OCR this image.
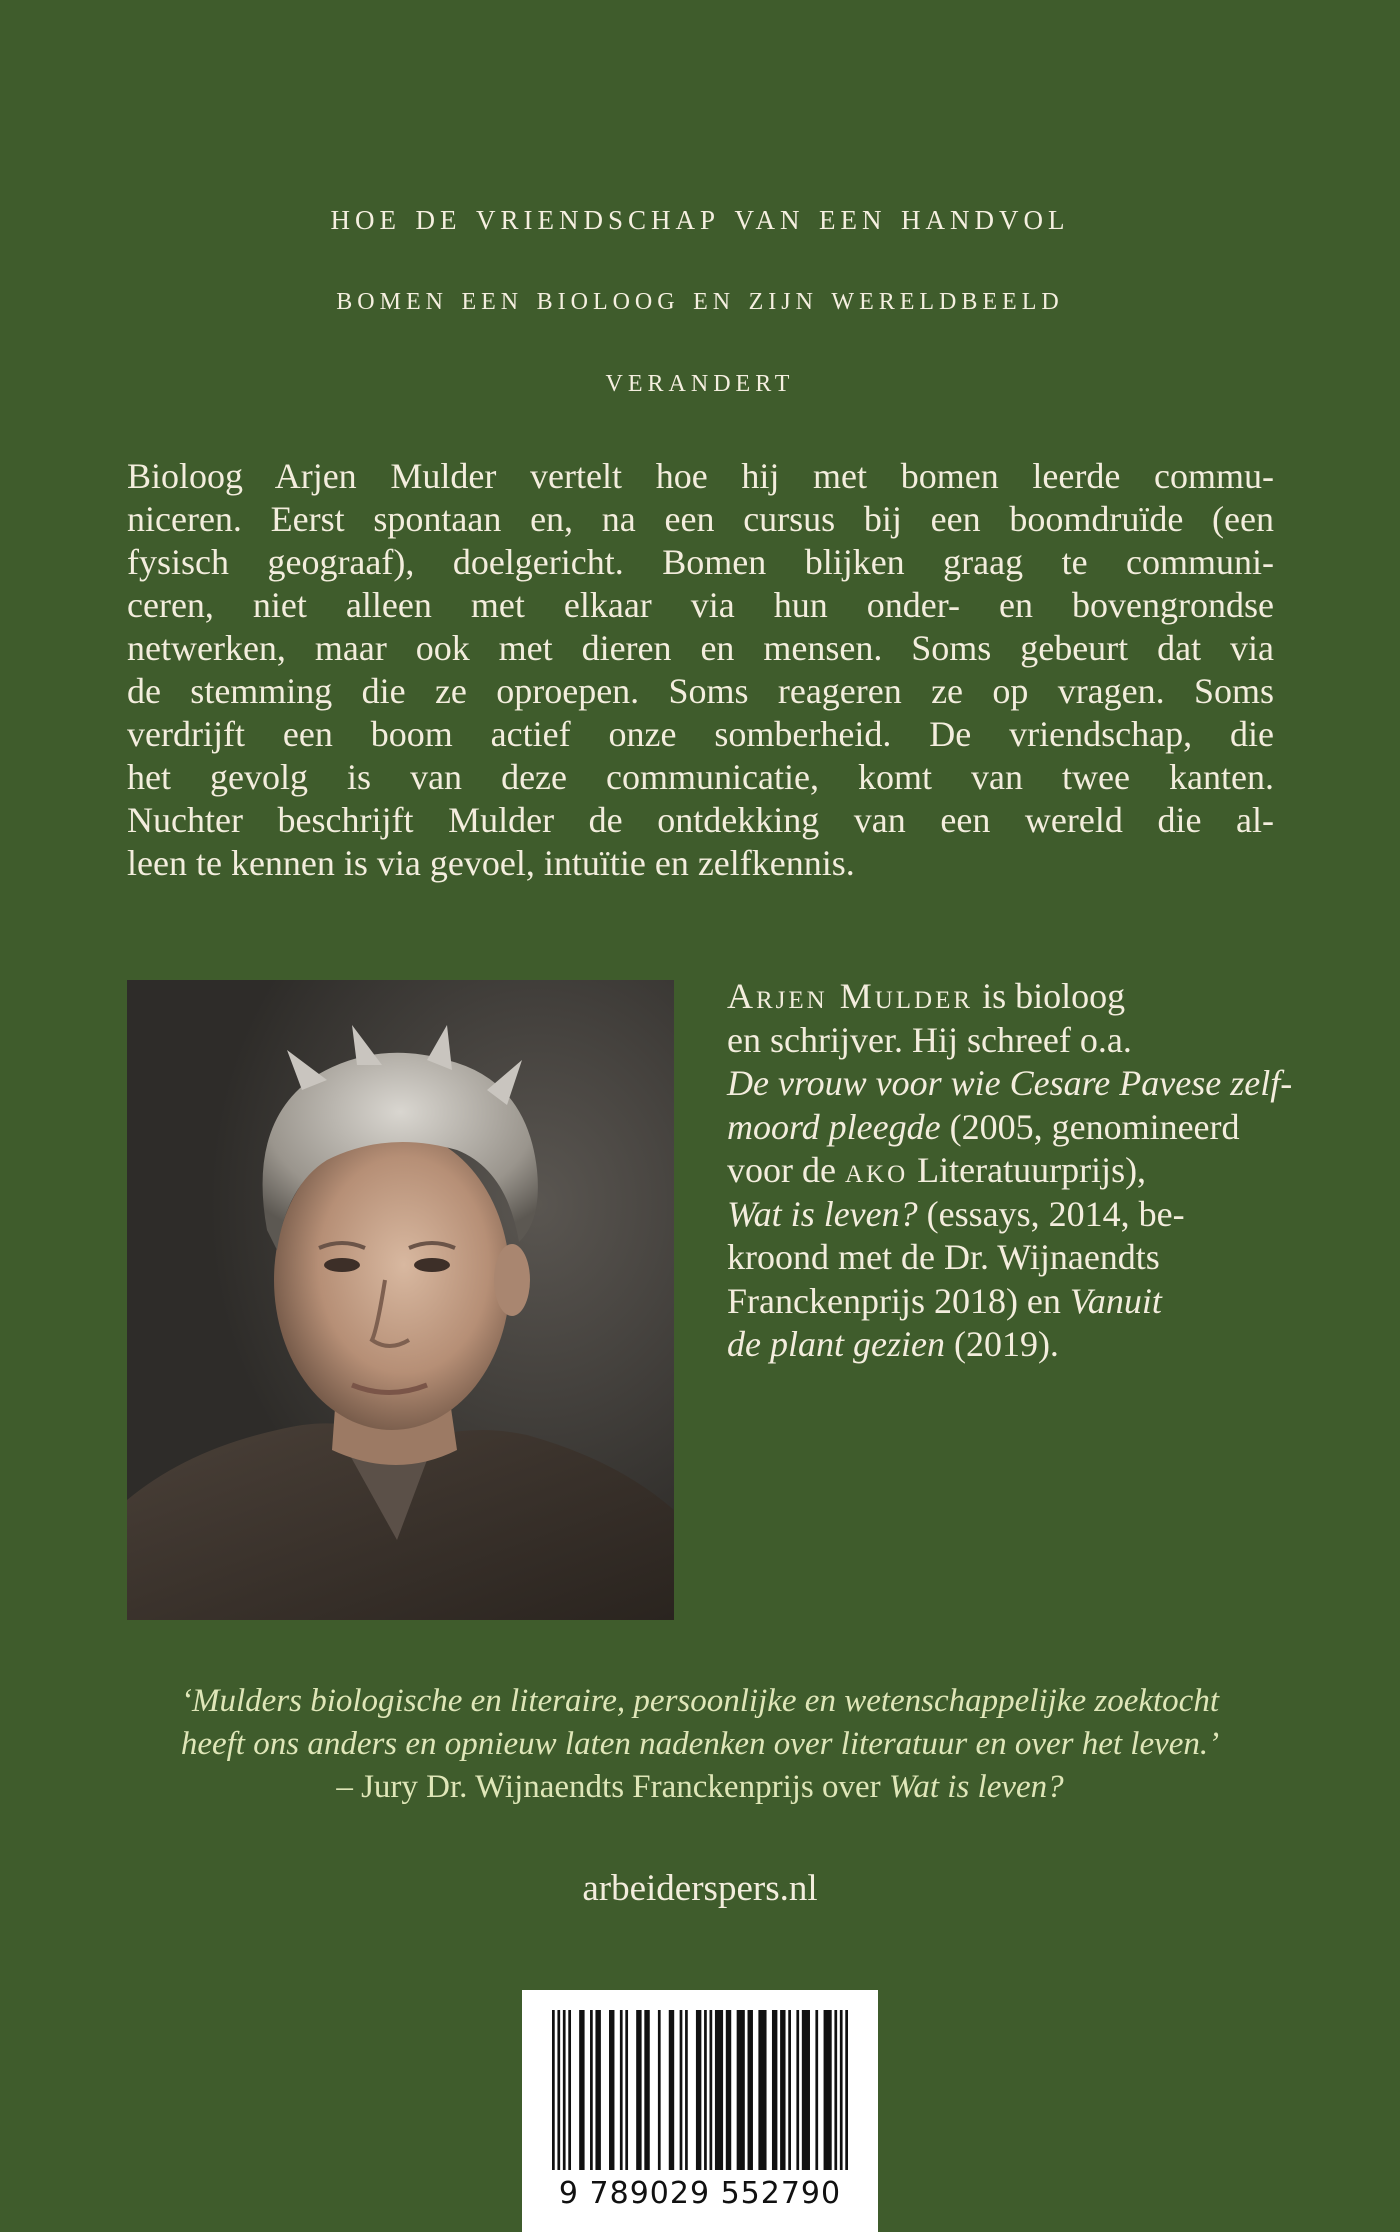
hoe de vriendschap van een handvol
bomen een bioloog en zijn wereldbeeld
verandert
Bioloog Arjen Mulder vertelt hoe hij met bomen leerde commu-
niceren. Eerst spontaan en, na een cursus bij een boomdruïde (een
fysisch geograaf), doelgericht. Bomen blijken graag te communi-
ceren, niet alleen met elkaar via hun onder- en bovengrondse
netwerken, maar ook met dieren en mensen. Soms gebeurt dat via
de stemming die ze oproepen. Soms reageren ze op vragen. Soms
verdrijft een boom actief onze somberheid. De vriendschap, die
het gevolg is van deze communicatie, komt van twee kanten.
Nuchter beschrijft Mulder de ontdekking van een wereld die al-
leen te kennen is via gevoel, intuïtie en zelfkennis.
Arjen Mulder is bioloog
en schrijver. Hij schreef o.a.
De vrouw voor wie Cesare Pavese zelf-
moord pleegde (2005, genomineerd
voor de ako Literatuurprijs),
Wat is leven? (essays, 2014, be-
kroond met de Dr. Wijnaendts
Franckenprijs 2018) en Vanuit
de plant gezien (2019).
‘Mulders biologische en literaire, persoonlijke en wetenschappelijke zoektocht
heeft ons anders en opnieuw laten nadenken over literatuur en over het leven.’
– Jury Dr. Wijnaendts Franckenprijs over Wat is leven?
arbeiderspers.nl
9 789029 552790
